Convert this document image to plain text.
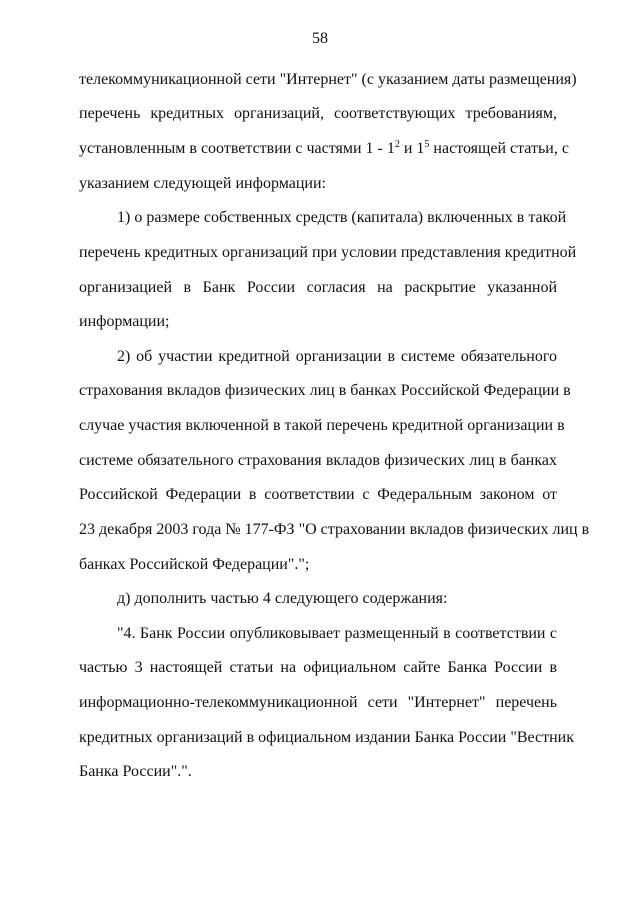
58
телекоммуникационной сети "Интернет" (с указанием даты размещения)
перечень кредитных организаций, соответствующих требованиям,
установленным в соответствии с частями $1 - 1^2$ и $1^5$ настоящей статьи, с
указанием следующей информации:
1) о размере собственных средств (капитала) включенных в такой
перечень кредитных организаций при условии представления кредитной
организацией в Банк России согласия на раскрытие указанной
информации;
2) об участии кредитной организации в системе обязательного
страхования вкладов физических лиц в банках Российской Федерации в
случае участия включенной в такой перечень кредитной организации в
системе обязательного страхования вкладов физических лиц в банках
Российской Федерации в соответствии с Федеральным законом от
23 декабря 2003 года № 177-ФЗ "О страховании вкладов физических лиц в
банках Российской Федерации".";
д) дополнить частью 4 следующего содержания:
"4. Банк России опубликовывает размещенный в соответствии с
частью 3 настоящей статьи на официальном сайте Банка России в
информационно-телекоммуникационной сети "Интернет" перечень
кредитных организаций в официальном издании Банка России "Вестник
Банка России".".
